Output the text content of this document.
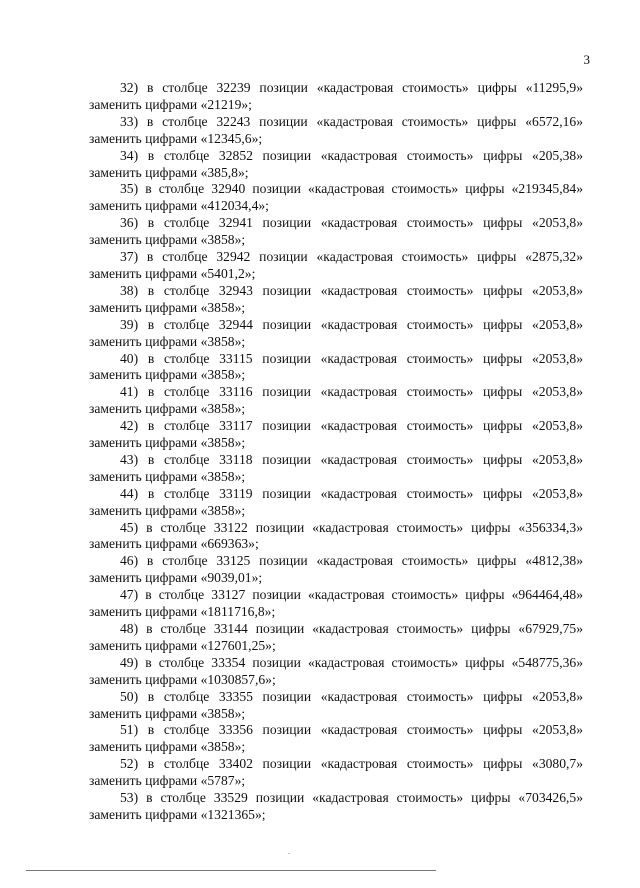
3
32) в столбце 32239 позиции «кадастровая стоимость» цифры «11295,9»
заменить цифрами «21219»;
33) в столбце 32243 позиции «кадастровая стоимость» цифры «6572,16»
заменить цифрами «12345,6»;
34) в столбце 32852 позиции «кадастровая стоимость» цифры «205,38»
заменить цифрами «385,8»;
35) в столбце 32940 позиции «кадастровая стоимость» цифры «219345,84»
заменить цифрами «412034,4»;
36) в столбце 32941 позиции «кадастровая стоимость» цифры «2053,8»
заменить цифрами «3858»;
37) в столбце 32942 позиции «кадастровая стоимость» цифры «2875,32»
заменить цифрами «5401,2»;
38) в столбце 32943 позиции «кадастровая стоимость» цифры «2053,8»
заменить цифрами «3858»;
39) в столбце 32944 позиции «кадастровая стоимость» цифры «2053,8»
заменить цифрами «3858»;
40) в столбце 33115 позиции «кадастровая стоимость» цифры «2053,8»
заменить цифрами «3858»;
41) в столбце 33116 позиции «кадастровая стоимость» цифры «2053,8»
заменить цифрами «3858»;
42) в столбце 33117 позиции «кадастровая стоимость» цифры «2053,8»
заменить цифрами «3858»;
43) в столбце 33118 позиции «кадастровая стоимость» цифры «2053,8»
заменить цифрами «3858»;
44) в столбце 33119 позиции «кадастровая стоимость» цифры «2053,8»
заменить цифрами «3858»;
45) в столбце 33122 позиции «кадастровая стоимость» цифры «356334,3»
заменить цифрами «669363»;
46) в столбце 33125 позиции «кадастровая стоимость» цифры «4812,38»
заменить цифрами «9039,01»;
47) в столбце 33127 позиции «кадастровая стоимость» цифры «964464,48»
заменить цифрами «1811716,8»;
48) в столбце 33144 позиции «кадастровая стоимость» цифры «67929,75»
заменить цифрами «127601,25»;
49) в столбце 33354 позиции «кадастровая стоимость» цифры «548775,36»
заменить цифрами «1030857,6»;
50) в столбце 33355 позиции «кадастровая стоимость» цифры «2053,8»
заменить цифрами «3858»;
51) в столбце 33356 позиции «кадастровая стоимость» цифры «2053,8»
заменить цифрами «3858»;
52) в столбце 33402 позиции «кадастровая стоимость» цифры «3080,7»
заменить цифрами «5787»;
53) в столбце 33529 позиции «кадастровая стоимость» цифры «703426,5»
заменить цифрами «1321365»;
